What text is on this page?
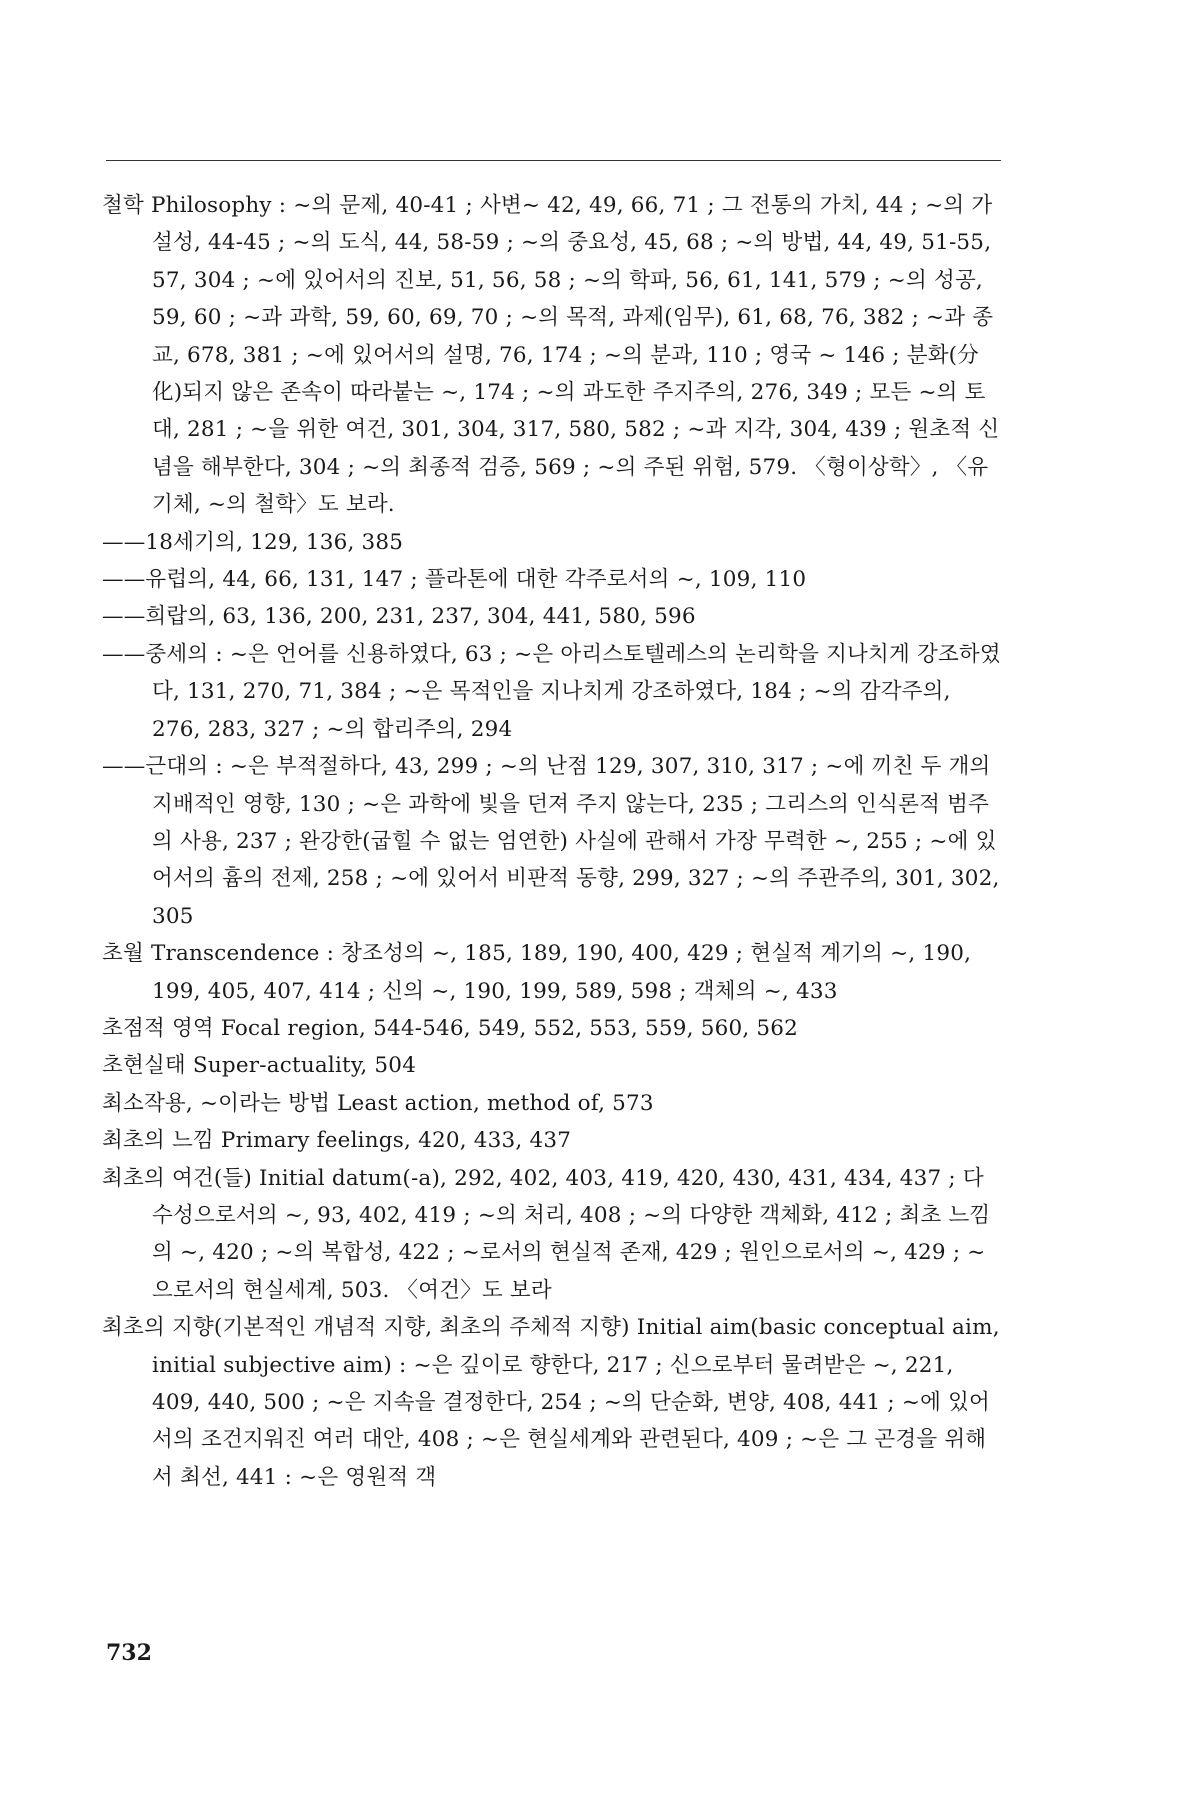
철학 Philosophy : ~의 문제, 40-41 ; 사변~ 42, 49, 66, 71 ; 그 전통의 가치, 44 ; ~의 가설성, 44-45 ; ~의 도식, 44, 58-59 ; ~의 중요성, 45, 68 ; ~의 방법, 44, 49, 51-55, 57, 304 ; ~에 있어서의 진보, 51, 56, 58 ; ~의 학파, 56, 61, 141, 579 ; ~의 성공, 59, 60 ; ~과 과학, 59, 60, 69, 70 ; ~의 목적, 과제(임무), 61, 68, 76, 382 ; ~과 종교, 678, 381 ; ~에 있어서의 설명, 76, 174 ; ~의 분과, 110 ; 영국 ~ 146 ; 분화(分化)되지 않은 존속이 따라붙는 ~, 174 ; ~의 과도한 주지주의, 276, 349 ; 모든 ~의 토대, 281 ; ~을 위한 여건, 301, 304, 317, 580, 582 ; ~과 지각, 304, 439 ; 원초적 신념을 해부한다, 304 ; ~의 최종적 검증, 569 ; ~의 주된 위험, 579. 〈형이상학〉, 〈유기체, ~의 철학〉도 보라.

——18세기의, 129, 136, 385

——유럽의, 44, 66, 131, 147 ; 플라톤에 대한 각주로서의 ~, 109, 110

——희랍의, 63, 136, 200, 231, 237, 304, 441, 580, 596

——중세의 : ~은 언어를 신용하였다, 63 ; ~은 아리스토텔레스의 논리학을 지나치게 강조하였다, 131, 270, 71, 384 ; ~은 목적인을 지나치게 강조하였다, 184 ; ~의 감각주의, 276, 283, 327 ; ~의 합리주의, 294

——근대의 : ~은 부적절하다, 43, 299 ; ~의 난점 129, 307, 310, 317 ; ~에 끼친 두 개의 지배적인 영향, 130 ; ~은 과학에 빛을 던져 주지 않는다, 235 ; 그리스의 인식론적 범주의 사용, 237 ; 완강한(굽힐 수 없는 엄연한) 사실에 관해서 가장 무력한 ~, 255 ; ~에 있어서의 흄의 전제, 258 ; ~에 있어서 비판적 동향, 299, 327 ; ~의 주관주의, 301, 302, 305

초월 Transcendence : 창조성의 ~, 185, 189, 190, 400, 429 ; 현실적 계기의 ~, 190, 199, 405, 407, 414 ; 신의 ~, 190, 199, 589, 598 ; 객체의 ~, 433

초점적 영역 Focal region, 544-546, 549, 552, 553, 559, 560, 562

초현실태 Super-actuality, 504

최소작용, ~이라는 방법 Least action, method of, 573

최초의 느낌 Primary feelings, 420, 433, 437

최초의 여건(들) Initial datum(-a), 292, 402, 403, 419, 420, 430, 431, 434, 437 ; 다수성으로서의 ~, 93, 402, 419 ; ~의 처리, 408 ; ~의 다양한 객체화, 412 ; 최초 느낌의 ~, 420 ; ~의 복합성, 422 ; ~로서의 현실적 존재, 429 ; 원인으로서의 ~, 429 ; ~으로서의 현실세계, 503. 〈여건〉도 보라

최초의 지향(기본적인 개념적 지향, 최초의 주체적 지향) Initial aim(basic conceptual aim, initial subjective aim) : ~은 깊이로 향한다, 217 ; 신으로부터 물려받은 ~, 221, 409, 440, 500 ; ~은 지속을 결정한다, 254 ; ~의 단순화, 변양, 408, 441 ; ~에 있어서의 조건지워진 여러 대안, 408 ; ~은 현실세계와 관련된다, 409 ; ~은 그 곤경을 위해서 최선, 441 : ~은 영원적 객

732
